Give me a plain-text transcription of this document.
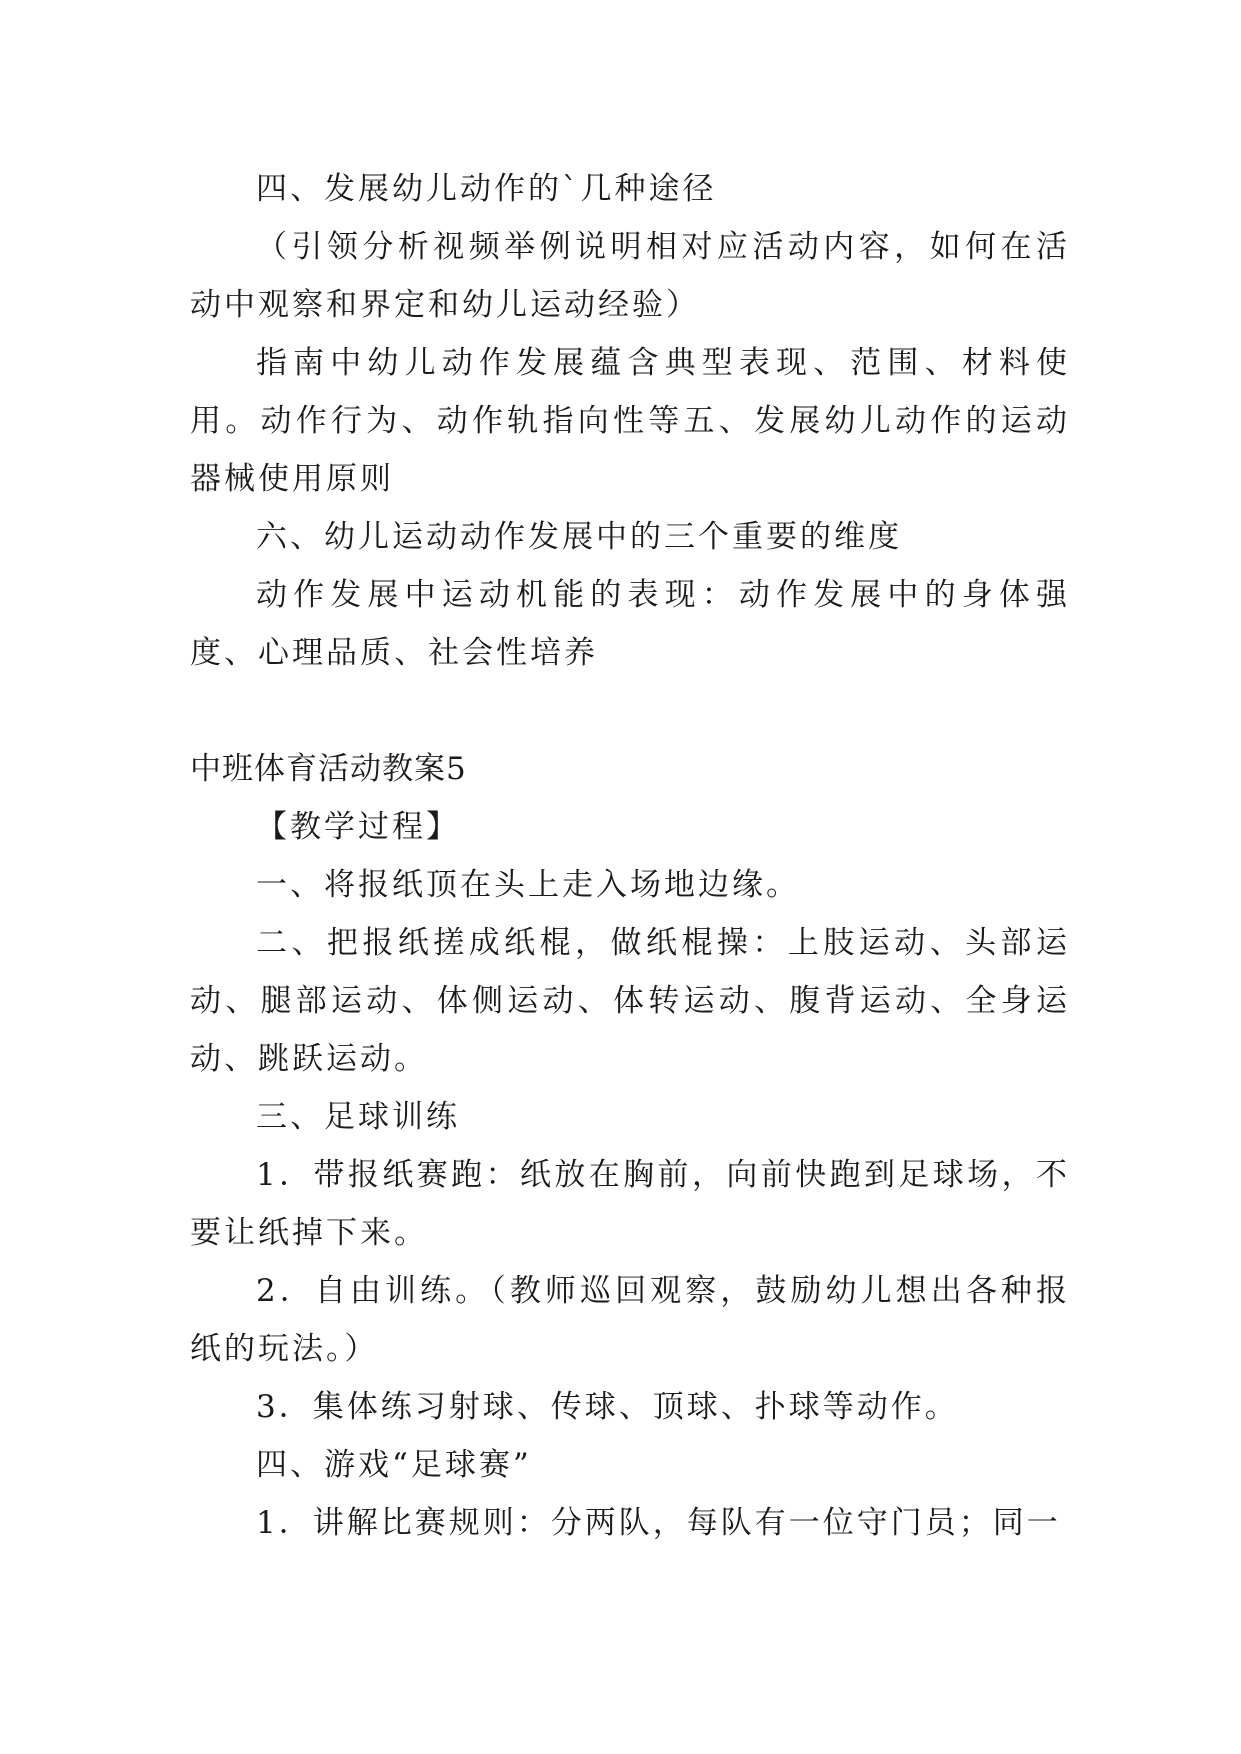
四、发展幼儿动作的`几种途径

（引领分析视频举例说明相对应活动内容，如何在活动中观察和界定和幼儿运动经验）

指南中幼儿动作发展蕴含典型表现、范围、材料使用。动作行为、动作轨指向性等五、发展幼儿动作的运动器械使用原则

六、幼儿运动动作发展中的三个重要的维度

动作发展中运动机能的表现：动作发展中的身体强度、心理品质、社会性培养

中班体育活动教案5

【教学过程】

一、将报纸顶在头上走入场地边缘。

二、把报纸搓成纸棍，做纸棍操：上肢运动、头部运动、腿部运动、体侧运动、体转运动、腹背运动、全身运动、跳跃运动。

三、足球训练

1．带报纸赛跑：纸放在胸前，向前快跑到足球场，不要让纸掉下来。

2．自由训练。（教师巡回观察，鼓励幼儿想出各种报纸的玩法。）

3．集体练习射球、传球、顶球、扑球等动作。

四、游戏“足球赛”

1．讲解比赛规则：分两队，每队有一位守门员；同一
